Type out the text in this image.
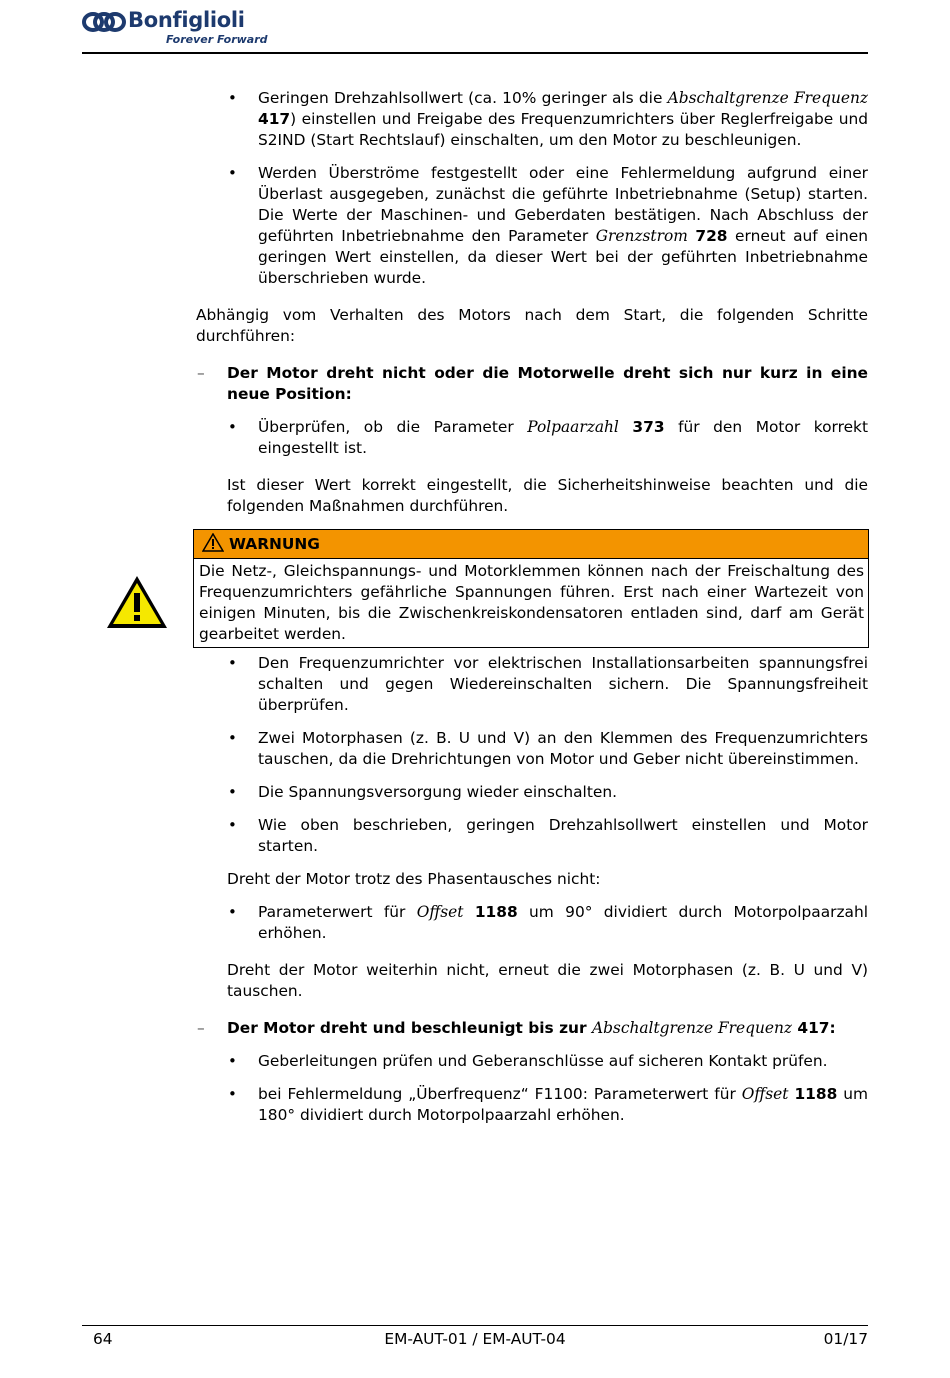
Bonfiglioli
Forever Forward
• Geringen Drehzahlsollwert (ca. 10% geringer als die Abschaltgrenze Frequenz 417) einstellen und Freigabe des Frequenzumrichters über Reglerfreigabe und S2IND (Start Rechtslauf) einschalten, um den Motor zu beschleunigen.
• Werden Überströme festgestellt oder eine Fehlermeldung aufgrund einer Überlast ausgegeben, zunächst die geführte Inbetriebnahme (Setup) starten. Die Werte der Maschinen- und Geberdaten bestätigen. Nach Abschluss der geführten Inbetriebnahme den Parameter Grenzstrom 728 erneut auf einen geringen Wert einstellen, da dieser Wert bei der geführten Inbetriebnahme überschrieben wurde.
Abhängig vom Verhalten des Motors nach dem Start, die folgenden Schritte durchführen:
– Der Motor dreht nicht oder die Motorwelle dreht sich nur kurz in eine neue Position:
• Überprüfen, ob die Parameter Polpaarzahl 373 für den Motor korrekt eingestellt ist.
Ist dieser Wert korrekt eingestellt, die Sicherheitshinweise beachten und die folgenden Maßnahmen durchführen.
WARNUNG
Die Netz-, Gleichspannungs- und Motorklemmen können nach der Freischaltung des Frequenzumrichters gefährliche Spannungen führen. Erst nach einer Wartezeit von einigen Minuten, bis die Zwischenkreiskondensatoren entladen sind, darf am Gerät gearbeitet werden.
• Den Frequenzumrichter vor elektrischen Installationsarbeiten spannungsfrei schalten und gegen Wiedereinschalten sichern. Die Spannungsfreiheit überprüfen.
• Zwei Motorphasen (z. B. U und V) an den Klemmen des Frequenzumrichters tauschen, da die Drehrichtungen von Motor und Geber nicht übereinstimmen.
• Die Spannungsversorgung wieder einschalten.
• Wie oben beschrieben, geringen Drehzahlsollwert einstellen und Motor starten.
Dreht der Motor trotz des Phasentausches nicht:
• Parameterwert für Offset 1188 um 90° dividiert durch Motorpolpaarzahl erhöhen.
Dreht der Motor weiterhin nicht, erneut die zwei Motorphasen (z. B. U und V) tauschen.
– Der Motor dreht und beschleunigt bis zur Abschaltgrenze Frequenz 417:
• Geberleitungen prüfen und Geberanschlüsse auf sicheren Kontakt prüfen.
• bei Fehlermeldung „Überfrequenz“ F1100: Parameterwert für Offset 1188 um 180° dividiert durch Motorpolpaarzahl erhöhen.
64	EM-AUT-01 / EM-AUT-04	01/17
